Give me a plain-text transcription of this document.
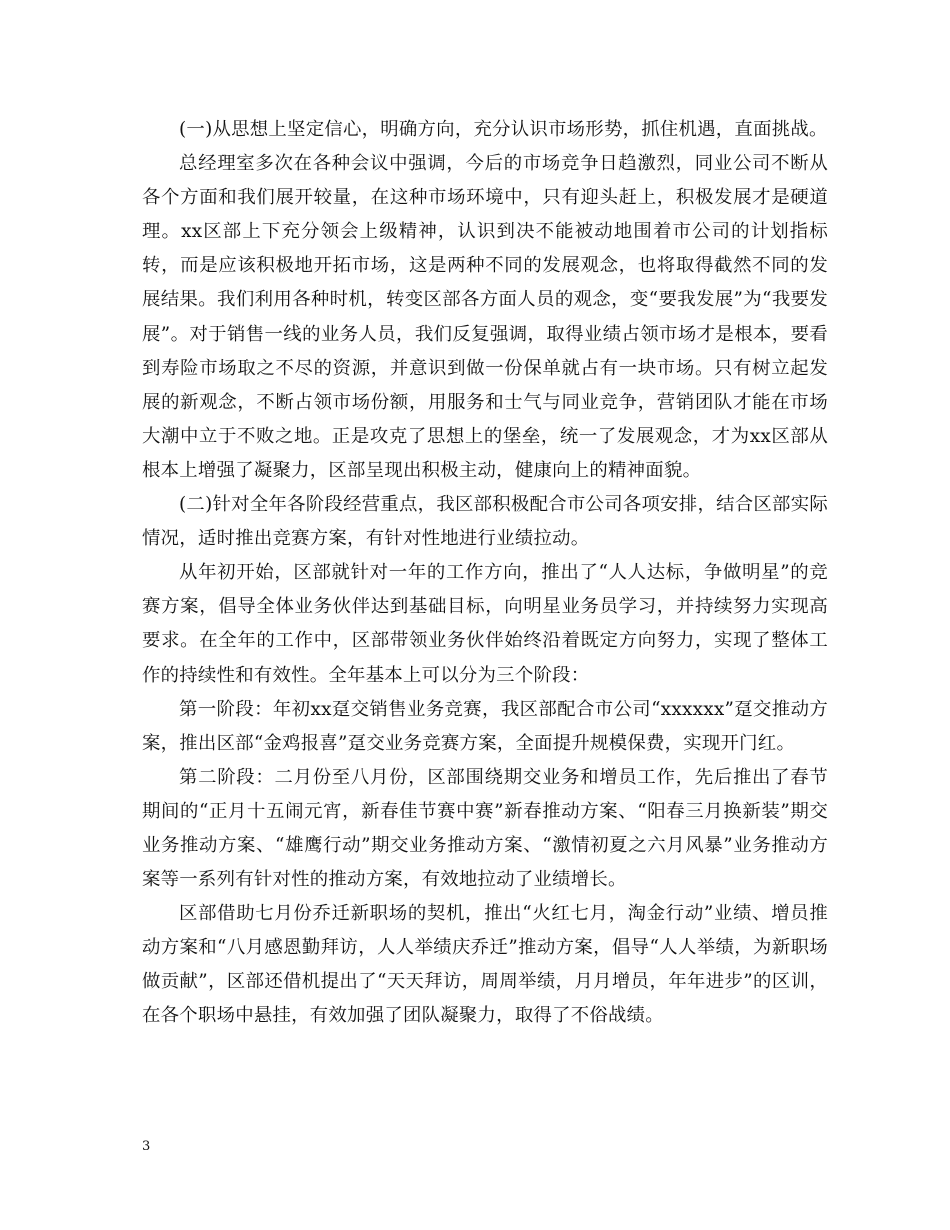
(一)从思想上坚定信心，明确方向，充分认识市场形势，抓住机遇，直面挑战。

总经理室多次在各种会议中强调，今后的市场竞争日趋激烈，同业公司不断从各个方面和我们展开较量，在这种市场环境中，只有迎头赶上，积极发展才是硬道理。xx区部上下充分领会上级精神，认识到决不能被动地围着市公司的计划指标转，而是应该积极地开拓市场，这是两种不同的发展观念，也将取得截然不同的发展结果。我们利用各种时机，转变区部各方面人员的观念，变“要我发展”为“我要发展”。对于销售一线的业务人员，我们反复强调，取得业绩占领市场才是根本，要看到寿险市场取之不尽的资源，并意识到做一份保单就占有一块市场。只有树立起发展的新观念，不断占领市场份额，用服务和士气与同业竞争，营销团队才能在市场大潮中立于不败之地。正是攻克了思想上的堡垒，统一了发展观念，才为xx区部从根本上增强了凝聚力，区部呈现出积极主动，健康向上的精神面貌。

(二)针对全年各阶段经营重点，我区部积极配合市公司各项安排，结合区部实际情况，适时推出竞赛方案，有针对性地进行业绩拉动。

从年初开始，区部就针对一年的工作方向，推出了“人人达标，争做明星”的竞赛方案，倡导全体业务伙伴达到基础目标，向明星业务员学习，并持续努力实现高要求。在全年的工作中，区部带领业务伙伴始终沿着既定方向努力，实现了整体工作的持续性和有效性。全年基本上可以分为三个阶段：

第一阶段：年初xx趸交销售业务竞赛，我区部配合市公司“xxxxxx”趸交推动方案，推出区部“金鸡报喜”趸交业务竞赛方案，全面提升规模保费，实现开门红。

第二阶段：二月份至八月份，区部围绕期交业务和增员工作，先后推出了春节期间的“正月十五闹元宵，新春佳节赛中赛”新春推动方案、“阳春三月换新装”期交业务推动方案、“雄鹰行动”期交业务推动方案、“激情初夏之六月风暴”业务推动方案等一系列有针对性的推动方案，有效地拉动了业绩增长。

区部借助七月份乔迁新职场的契机，推出“火红七月，淘金行动”业绩、增员推动方案和“八月感恩勤拜访，人人举绩庆乔迁”推动方案，倡导“人人举绩，为新职场做贡献”，区部还借机提出了“天天拜访，周周举绩，月月增员，年年进步”的区训，在各个职场中悬挂，有效加强了团队凝聚力，取得了不俗战绩。

3
